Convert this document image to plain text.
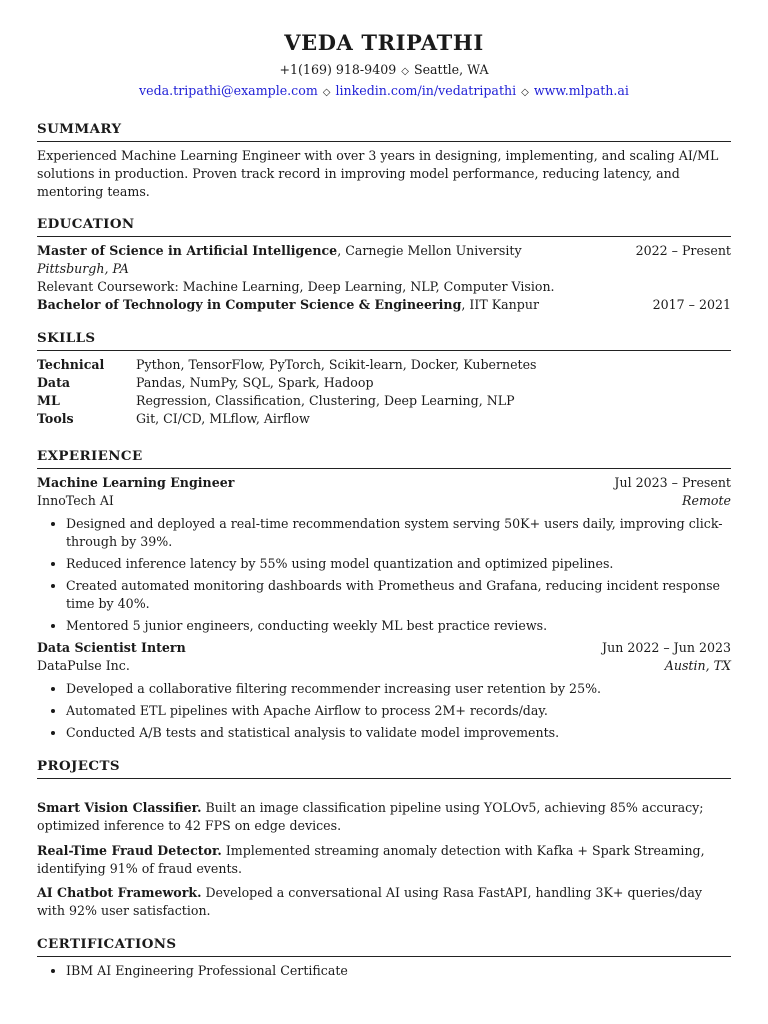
VEDA TRIPATHI
+1(169) 918-9409 ◇ Seattle, WA
veda.tripathi@example.com ◇ linkedin.com/in/vedatripathi ◇ www.mlpath.ai
SUMMARY
Experienced Machine Learning Engineer with over 3 years in designing, implementing, and scaling AI/ML solutions in production. Proven track record in improving model performance, reducing latency, and mentoring teams.
EDUCATION
Master of Science in Artificial Intelligence, Carnegie Mellon University	2022 – Present
Pittsburgh, PA
Relevant Coursework: Machine Learning, Deep Learning, NLP, Computer Vision.
Bachelor of Technology in Computer Science & Engineering, IIT Kanpur	2017 – 2021
SKILLS
Technical	Python, TensorFlow, PyTorch, Scikit-learn, Docker, Kubernetes
Data	Pandas, NumPy, SQL, Spark, Hadoop
ML	Regression, Classification, Clustering, Deep Learning, NLP
Tools	Git, CI/CD, MLflow, Airflow
EXPERIENCE
Machine Learning Engineer	Jul 2023 – Present
InnoTech AI	Remote
• Designed and deployed a real-time recommendation system serving 50K+ users daily, improving click-through by 39%.
• Reduced inference latency by 55% using model quantization and optimized pipelines.
• Created automated monitoring dashboards with Prometheus and Grafana, reducing incident response time by 40%.
• Mentored 5 junior engineers, conducting weekly ML best practice reviews.
Data Scientist Intern	Jun 2022 – Jun 2023
DataPulse Inc.	Austin, TX
• Developed a collaborative filtering recommender increasing user retention by 25%.
• Automated ETL pipelines with Apache Airflow to process 2M+ records/day.
• Conducted A/B tests and statistical analysis to validate model improvements.
PROJECTS
Smart Vision Classifier. Built an image classification pipeline using YOLOv5, achieving 85% accuracy; optimized inference to 42 FPS on edge devices.
Real-Time Fraud Detector. Implemented streaming anomaly detection with Kafka + Spark Streaming, identifying 91% of fraud events.
AI Chatbot Framework. Developed a conversational AI using Rasa FastAPI, handling 3K+ queries/day with 92% user satisfaction.
CERTIFICATIONS
• IBM AI Engineering Professional Certificate
